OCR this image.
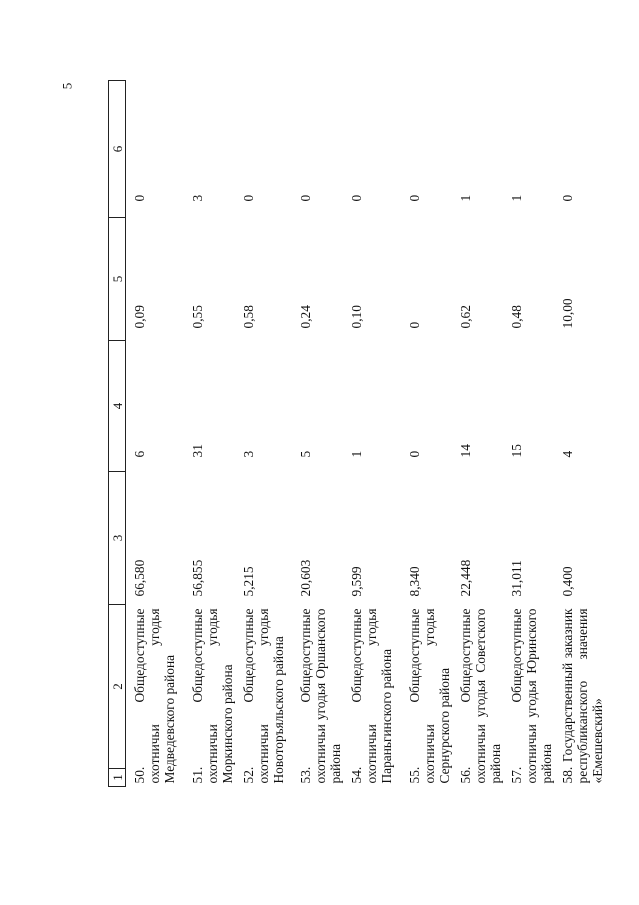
5
1	2	3	4	5	6

50. Общедоступные охотничьи угодья Медведевского района		66,580	6	0,09	0

51. Общедоступные охотничьи угодья Моркинского района		56,855	31	0,55	3

52. Общедоступные охотничьи угодья Новоторъяльского района		5,215	3	0,58	0

53. Общедоступные охотничьи угодья Оршанского района		20,603	5	0,24	0

54. Общедоступные охотничьи угодья Параньгинского района		9,599	1	0,10	0

55. Общедоступные охотничьи угодья Сернурского района		8,340	0	0	0

56. Общедоступные охотничьи угодья Советского района		22,448	14	0,62	1

57. Общедоступные охотничьи угодья Юринского района		31,011	15	0,48	1

58. Государственный заказник республиканского значения «Емешевский»		0,400	4	10,00	0
